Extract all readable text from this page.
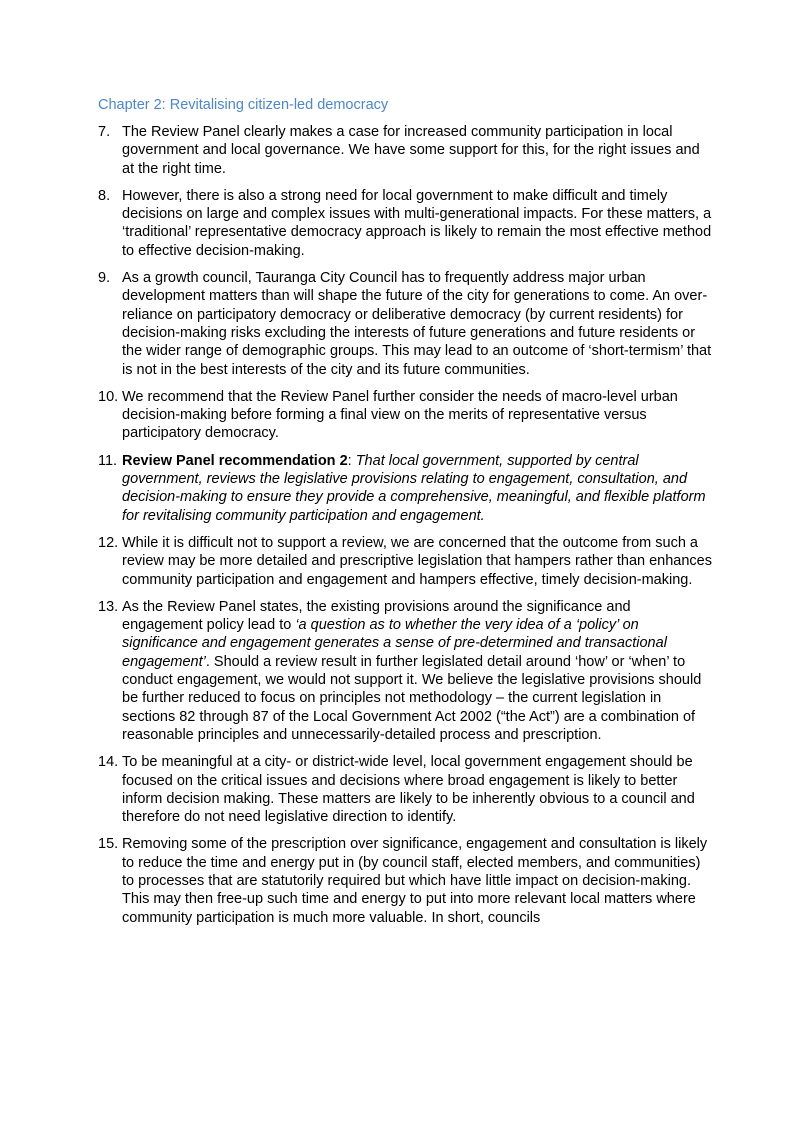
Chapter 2: Revitalising citizen-led democracy
7. The Review Panel clearly makes a case for increased community participation in local government and local governance. We have some support for this, for the right issues and at the right time.
8. However, there is also a strong need for local government to make difficult and timely decisions on large and complex issues with multi-generational impacts. For these matters, a ‘traditional’ representative democracy approach is likely to remain the most effective method to effective decision-making.
9. As a growth council, Tauranga City Council has to frequently address major urban development matters than will shape the future of the city for generations to come. An over-reliance on participatory democracy or deliberative democracy (by current residents) for decision-making risks excluding the interests of future generations and future residents or the wider range of demographic groups. This may lead to an outcome of ‘short-termism’ that is not in the best interests of the city and its future communities.
10. We recommend that the Review Panel further consider the needs of macro-level urban decision-making before forming a final view on the merits of representative versus participatory democracy.
11. Review Panel recommendation 2: That local government, supported by central government, reviews the legislative provisions relating to engagement, consultation, and decision-making to ensure they provide a comprehensive, meaningful, and flexible platform for revitalising community participation and engagement.
12. While it is difficult not to support a review, we are concerned that the outcome from such a review may be more detailed and prescriptive legislation that hampers rather than enhances community participation and engagement and hampers effective, timely decision-making.
13. As the Review Panel states, the existing provisions around the significance and engagement policy lead to ‘a question as to whether the very idea of a ‘policy’ on significance and engagement generates a sense of pre-determined and transactional engagement’. Should a review result in further legislated detail around ‘how’ or ‘when’ to conduct engagement, we would not support it. We believe the legislative provisions should be further reduced to focus on principles not methodology – the current legislation in sections 82 through 87 of the Local Government Act 2002 (“the Act”) are a combination of reasonable principles and unnecessarily-detailed process and prescription.
14. To be meaningful at a city- or district-wide level, local government engagement should be focused on the critical issues and decisions where broad engagement is likely to better inform decision making. These matters are likely to be inherently obvious to a council and therefore do not need legislative direction to identify.
15. Removing some of the prescription over significance, engagement and consultation is likely to reduce the time and energy put in (by council staff, elected members, and communities) to processes that are statutorily required but which have little impact on decision-making. This may then free-up such time and energy to put into more relevant local matters where community participation is much more valuable. In short, councils
